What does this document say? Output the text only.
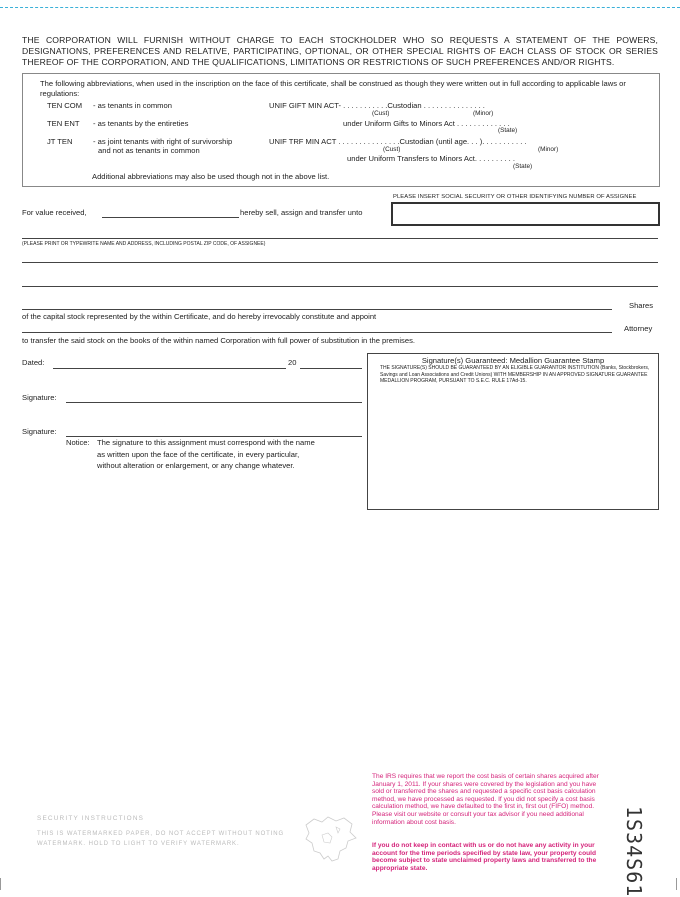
THE CORPORATION WILL FURNISH WITHOUT CHARGE TO EACH STOCKHOLDER WHO SO REQUESTS A STATEMENT OF THE POWERS, DESIGNATIONS, PREFERENCES AND RELATIVE, PARTICIPATING, OPTIONAL, OR OTHER SPECIAL RIGHTS OF EACH CLASS OF STOCK OR SERIES THEREOF OF THE CORPORATION, AND THE QUALIFICATIONS, LIMITATIONS OR RESTRICTIONS OF SUCH PREFERENCES AND/OR RIGHTS.
The following abbreviations, when used in the inscription on the face of this certificate, shall be construed as though they were written out in full according to applicable laws or regulations:
TEN COM - as tenants in common
TEN ENT - as tenants by the entireties
JT TEN	- as joint tenants with right of survivorship
and not as tenants in common
UNIF GIFT MIN ACT- . . . . . . . . . . .Custodian . . . . . . . . . . . . . . .
(Cust)	(Minor)
under Uniform Gifts to Minors Act . . . . . . . . . . . . .
(State)
UNIF TRF MIN ACT . . . . . . . . . . . . . . .Custodian (until age. . . ). . . . . . . . . . .
(Cust)	(Minor)
under Uniform Transfers to Minors Act. . . . . . . . . .
(State)
Additional abbreviations may also be used though not in the above list.
PLEASE INSERT SOCIAL SECURITY OR OTHER IDENTIFYING NUMBER OF ASSIGNEE
For value received,	hereby sell, assign and transfer unto
(PLEASE PRINT OR TYPEWRITE NAME AND ADDRESS, INCLUDING POSTAL ZIP CODE, OF ASSIGNEE)
Shares
of the capital stock represented by the within Certificate, and do hereby irrevocably constitute and appoint
Attorney
to transfer the said stock on the books of the within named Corporation with full power of substitution in the premises.
Dated:	20
Signature:
Signature:
Notice: The signature to this assignment must correspond with the name
as written upon the face of the certificate, in every particular,
without alteration or enlargement, or any change whatever.
Signature(s) Guaranteed: Medallion Guarantee Stamp
THE SIGNATURE(S) SHOULD BE GUARANTEED BY AN ELIGIBLE GUARANTOR INSTITUTION (Banks, Stockbrokers, Savings and Loan Associations and Credit Unions) WITH MEMBERSHIP IN AN APPROVED SIGNATURE GUARANTEE MEDALLION PROGRAM, PURSUANT TO S.E.C. RULE 17Ad-15.
SECURITY INSTRUCTIONS
THIS IS WATERMARKED PAPER, DO NOT ACCEPT WITHOUT NOTING WATERMARK. HOLD TO LIGHT TO VERIFY WATERMARK.
The IRS requires that we report the cost basis of certain shares acquired after January 1, 2011. If your shares were covered by the legislation and you have sold or transferred the shares and requested a specific cost basis calculation method, we have processed as requested. If you did not specify a cost basis calculation method, we have defaulted to the first in, first out (FIFO) method. Please visit our website or consult your tax advisor if you need additional information about cost basis.
If you do not keep in contact with us or do not have any activity in your account for the time periods specified by state law, your property could become subject to state unclaimed property laws and transferred to the appropriate state.	1S34S61
